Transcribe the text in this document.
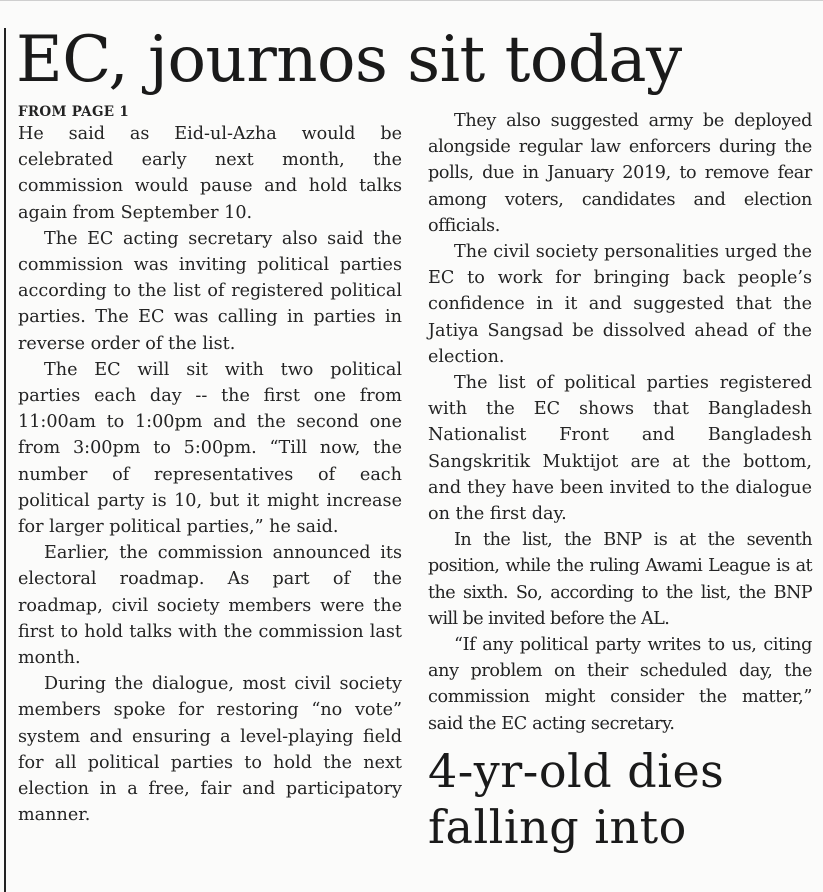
EC, journos sit today
FROM PAGE 1

He said as Eid-ul-Azha would be celebrated early next month, the commission would pause and hold talks again from September 10.

The EC acting secretary also said the commission was inviting political parties according to the list of registered political parties. The EC was calling in parties in reverse order of the list.

The EC will sit with two political parties each day -- the first one from 11:00am to 1:00pm and the second one from 3:00pm to 5:00pm. “Till now, the number of representatives of each political party is 10, but it might increase for larger political parties,” he said.

Earlier, the commission announced its electoral roadmap. As part of the roadmap, civil society members were the first to hold talks with the commission last month.

During the dialogue, most civil society members spoke for restoring “no vote” system and ensuring a level-playing field for all political parties to hold the next election in a free, fair and participatory manner.

They also suggested army be deployed alongside regular law enforcers during the polls, due in January 2019, to remove fear among voters, candidates and election officials.

The civil society personalities urged the EC to work for bringing back people’s confidence in it and suggested that the Jatiya Sangsad be dissolved ahead of the election.

The list of political parties registered with the EC shows that Bangladesh Nationalist Front and Bangladesh Sangskritik Muktijot are at the bottom, and they have been invited to the dialogue on the first day.

In the list, the BNP is at the seventh position, while the ruling Awami League is at the sixth. So, according to the list, the BNP will be invited before the AL.

“If any political party writes to us, citing any problem on their scheduled day, the commission might consider the matter,” said the EC acting secretary.

4-yr-old dies falling into
